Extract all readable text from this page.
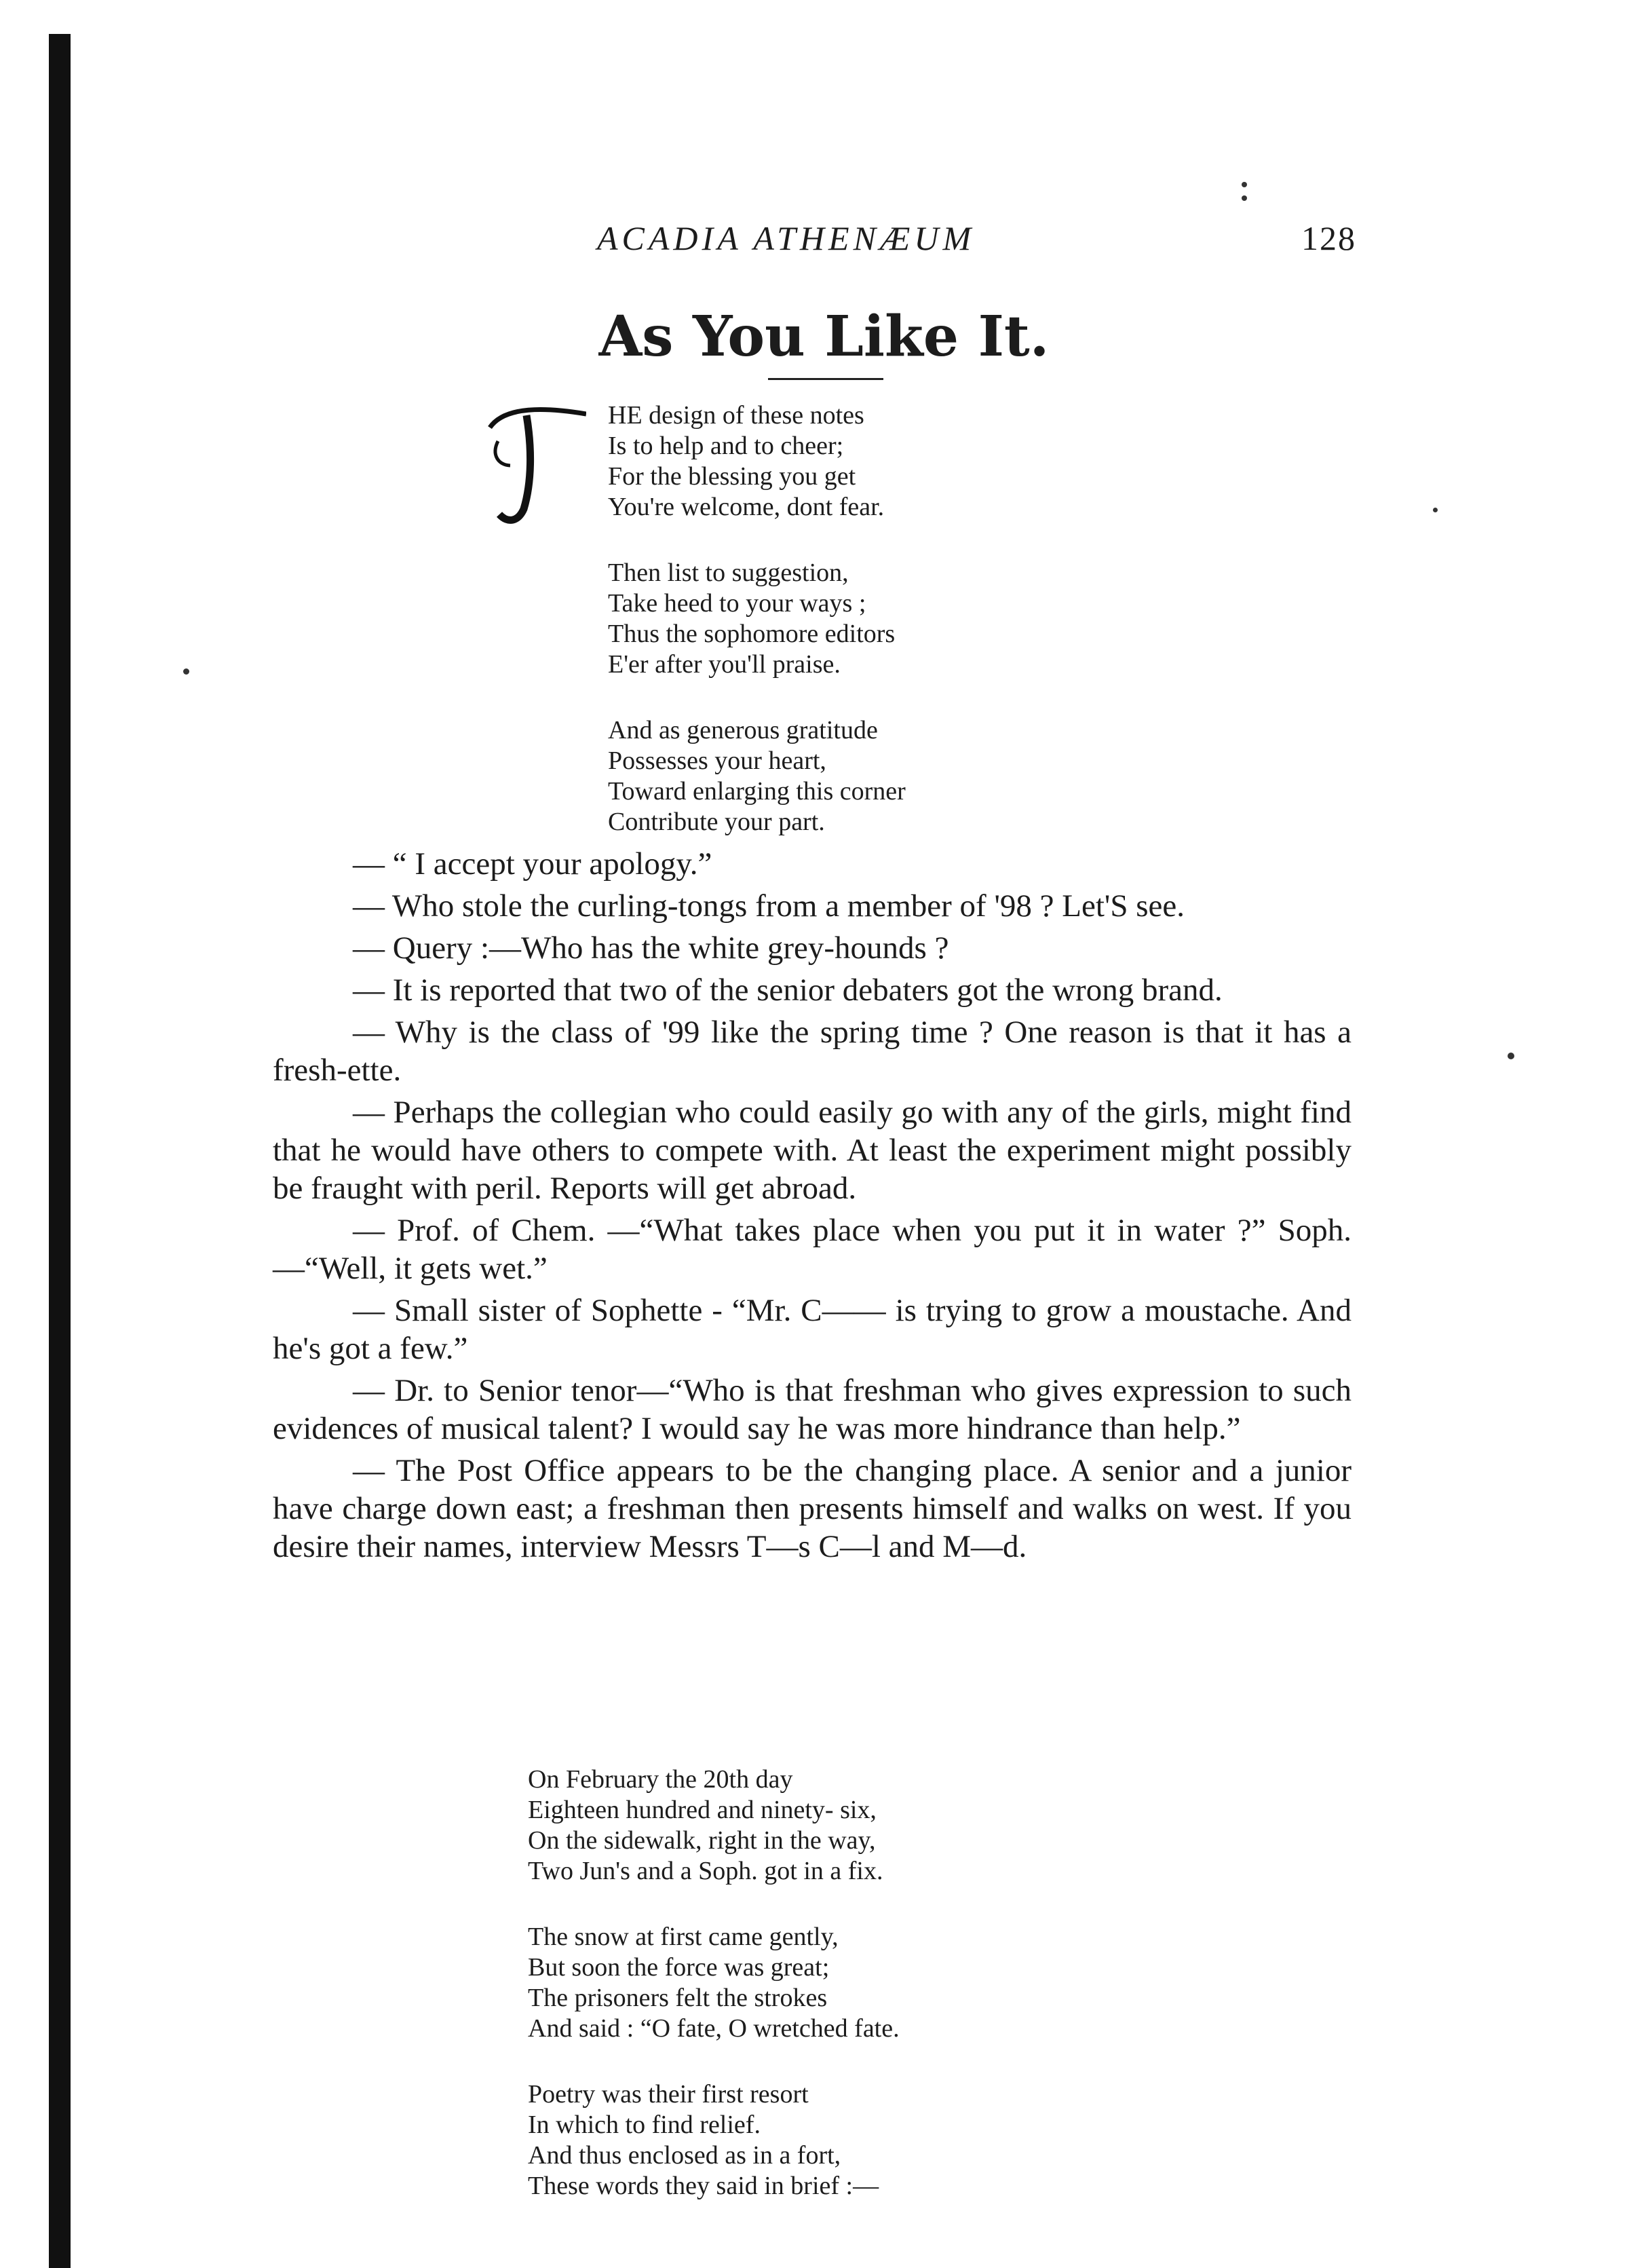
ACADIA ATHENÆUM	128
As You Like It.
HE design of these notes
Is to help and to cheer;
For the blessing you get
You're welcome, dont fear.
Then list to suggestion,
Take heed to your ways ;
Thus the sophomore editors
E'er after you'll praise.
And as generous gratitude
Possesses your heart,
Toward enlarging this corner
Contribute your part.

— “ I accept your apology.”

— Who stole the curling-tongs from a member of '98 ? Let'S see.

— Query :—Who has the white grey-hounds ?

— It is reported that two of the senior debaters got the wrong brand.

— Why is the class of '99 like the spring time ? One reason is that it has a fresh-ette.

— Perhaps the collegian who could easily go with any of the girls, might find that he would have others to compete with. At least the experiment might possibly be fraught with peril. Reports will get abroad.

— Prof. of Chem. —“What takes place when you put it in water ?” Soph.—“Well, it gets wet.”

— Small sister of Sophette - “Mr. C—— is trying to grow a moustache. And he's got a few.”

— Dr. to Senior tenor—“Who is that freshman who gives expression to such evidences of musical talent? I would say he was more hindrance than help.”

— The Post Office appears to be the changing place. A senior and a junior have charge down east; a freshman then presents himself and walks on west. If you desire their names, interview Messrs T—s C—l and M—d.

On February the 20th day
Eighteen hundred and ninety- six,
On the sidewalk, right in the way,
Two Jun's and a Soph. got in a fix.
The snow at first came gently,
But soon the force was great;
The prisoners felt the strokes
And said : “O fate, O wretched fate.
Poetry was their first resort
In which to find relief.
And thus enclosed as in a fort,
These words they said in brief :—
